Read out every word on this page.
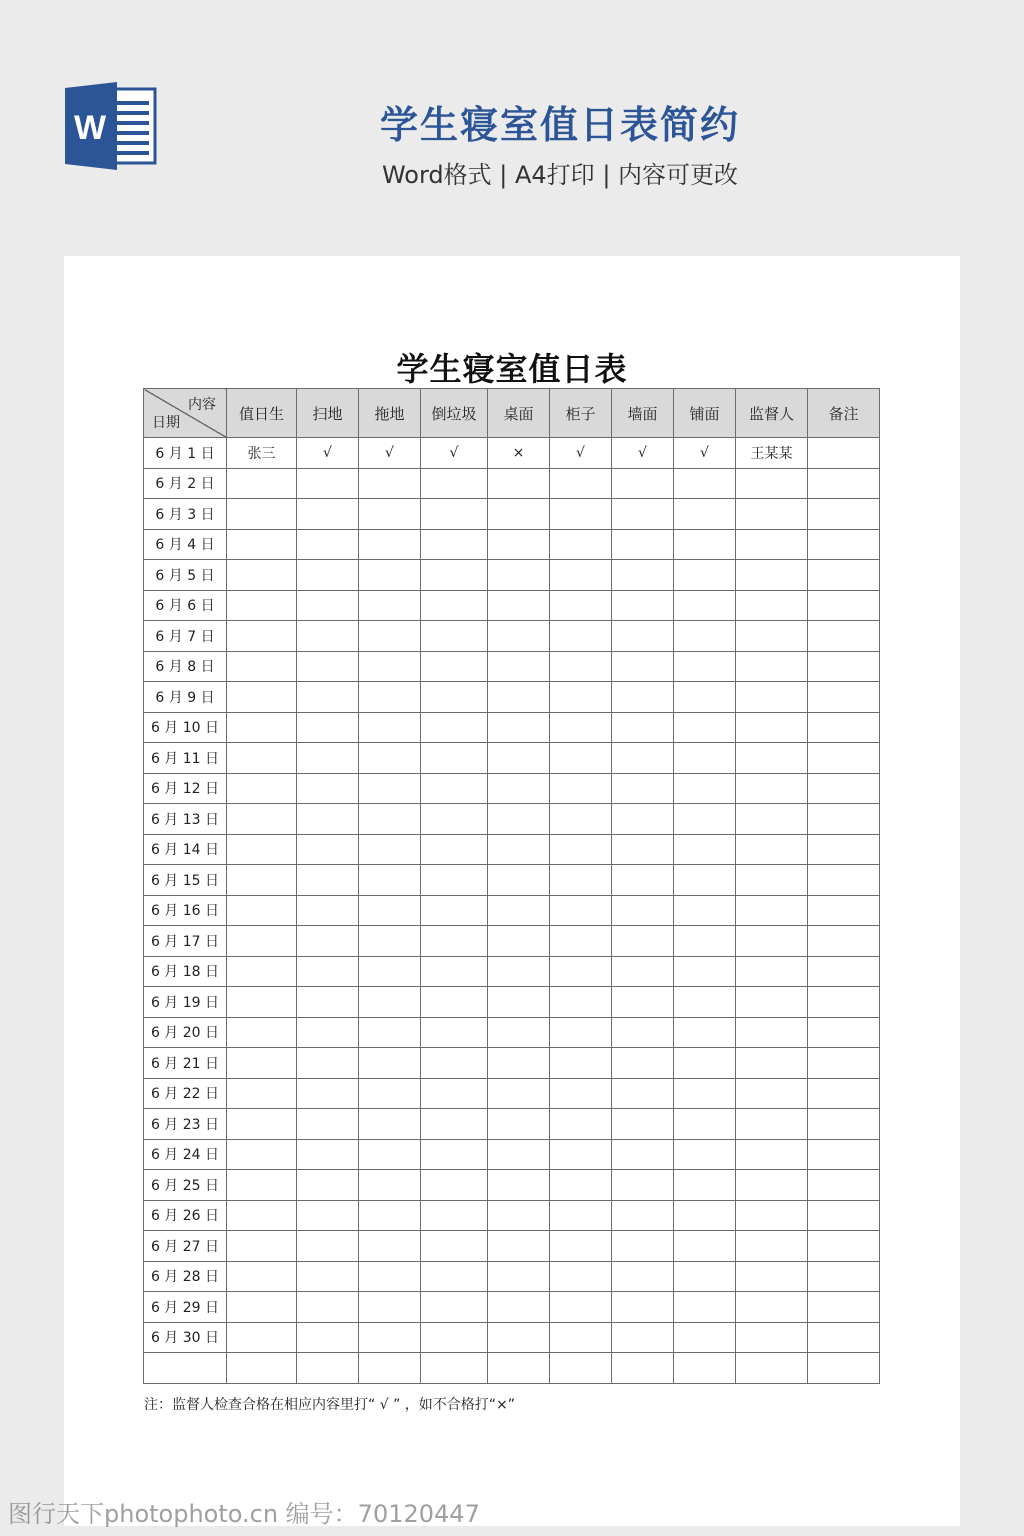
W	学生寝室值日表简约
Word格式 | A4打印 | 内容可更改
学生寝室值日表
内容
日期	值日生	扫地	拖地	倒垃圾	桌面	柜子	墙面	铺面	监督人	备注
6 月 1 日	张三	√	√	√	×	√	√	√	王某某	
6 月 2 日										
6 月 3 日										
6 月 4 日										
6 月 5 日										
6 月 6 日										
6 月 7 日										
6 月 8 日										
6 月 9 日										
6 月 10 日										
6 月 11 日										
6 月 12 日										
6 月 13 日										
6 月 14 日										
6 月 15 日										
6 月 16 日										
6 月 17 日										
6 月 18 日										
6 月 19 日										
6 月 20 日										
6 月 21 日										
6 月 22 日										
6 月 23 日										
6 月 24 日										
6 月 25 日										
6 月 26 日										
6 月 27 日										
6 月 28 日										
6 月 29 日										
6 月 30 日										

注：监督人检查合格在相应内容里打“ √ ” ，如不合格打“×”
图行天下photophoto.cn 编号：70120447
